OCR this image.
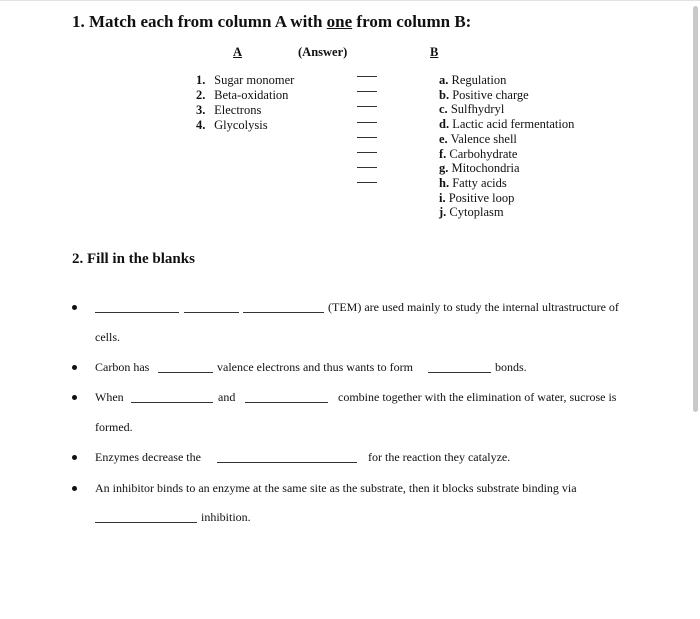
1. Match each from column A with one from column B:
A	(Answer)	B
1. Sugar monomer
2. Beta-oxidation
3. Electrons
4. Glycolysis
a. Regulation
b. Positive charge
c. Sulfhydryl
d. Lactic acid fermentation
e. Valence shell
f. Carbohydrate
g. Mitochondria
h. Fatty acids
i. Positive loop
j. Cytoplasm
2. Fill in the blanks
(TEM) are used mainly to study the internal ultrastructure of
cells.
Carbon has	valence electrons and thus wants to form	bonds.
When	and	combine together with the elimination of water, sucrose is
formed.
Enzymes decrease the	for the reaction they catalyze.
An inhibitor binds to an enzyme at the same site as the substrate, then it blocks substrate binding via
inhibition.
